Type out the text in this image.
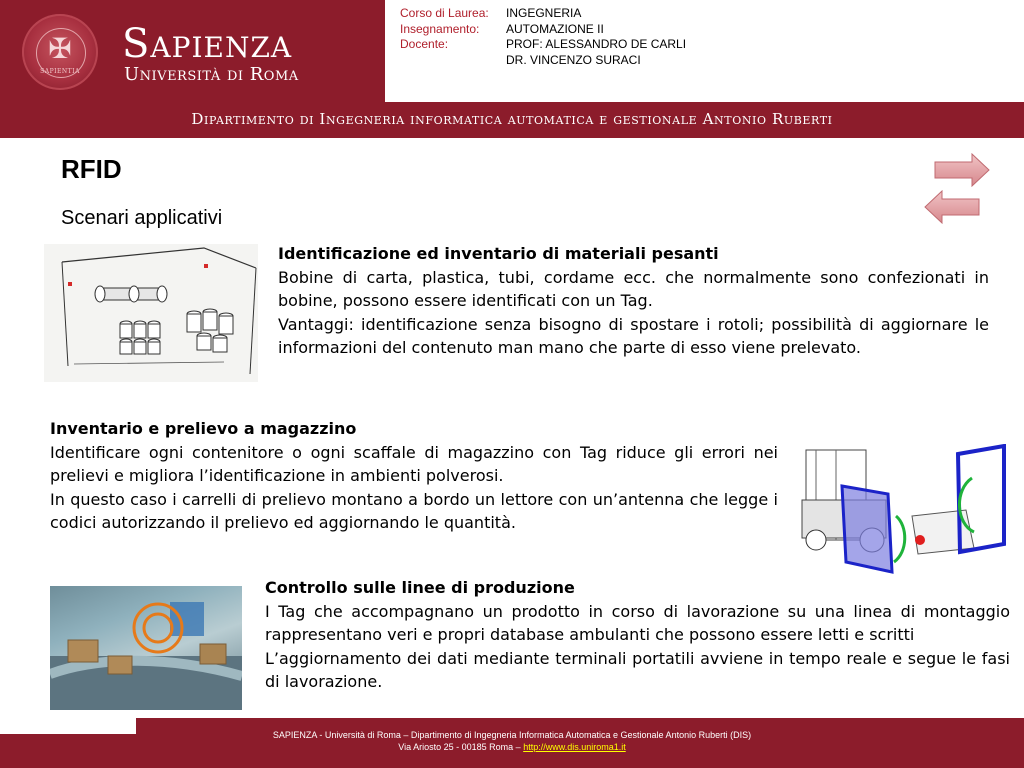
✠
SAPIENTIA
Sapienza
Università di Roma
Corso di Laurea:	INGEGNERIA
Insegnamento:	AUTOMAZIONE II
Docente:	PROF: ALESSANDRO DE CARLI
DR. VINCENZO SURACI
Dipartimento di Ingegneria informatica automatica e gestionale Antonio Ruberti
RFID
Scenari applicativi
Identificazione ed inventario di materiali pesanti
Bobine di carta, plastica, tubi, cordame ecc. che normalmente sono confezionati in bobine, possono essere identificati con un Tag.
Vantaggi: identificazione senza bisogno di spostare i rotoli; possibilità di aggiornare le informazioni del contenuto man mano che parte di esso viene prelevato.
Inventario e prelievo a magazzino
Identificare ogni contenitore o ogni scaffale di magazzino con Tag riduce gli errori nei prelievi e migliora l’identificazione in ambienti polverosi.
In questo caso i carrelli di prelievo montano a bordo un lettore con un’antenna che legge i codici autorizzando il prelievo ed aggiornando le quantità.
Controllo sulle linee di produzione
I Tag che accompagnano un prodotto in corso di lavorazione su una linea di montaggio rappresentano veri e propri database ambulanti che possono essere letti e scritti
L’aggiornamento dei dati mediante terminali portatili avviene in tempo reale e segue le fasi di lavorazione.
SAPIENZA - Università di Roma – Dipartimento di Ingegneria Informatica Automatica e Gestionale Antonio Ruberti (DIS)
Via Ariosto 25 - 00185 Roma – http://www.dis.uniroma1.it
